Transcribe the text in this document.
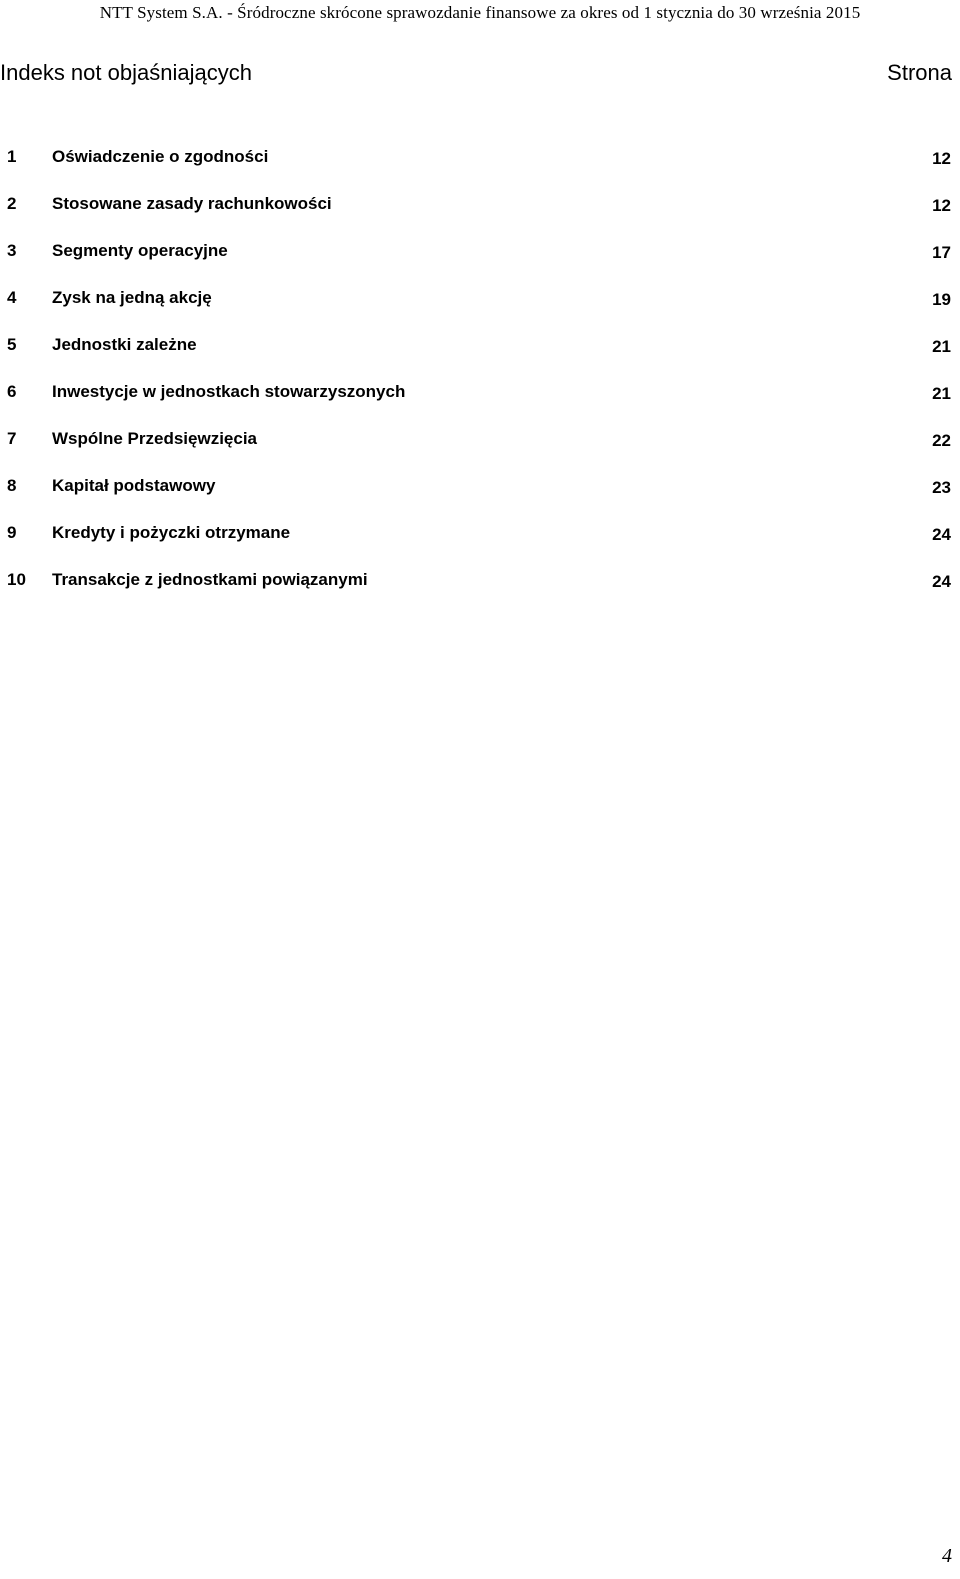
NTT System S.A. - Śródroczne skrócone sprawozdanie finansowe za okres od 1 stycznia do 30 września 2015
Indeks not objaśniających	Strona
1 Oświadczenie o zgodności	12
2 Stosowane zasady rachunkowości	12
3 Segmenty operacyjne	17
4 Zysk na jedną akcję	19
5 Jednostki zależne	21
6 Inwestycje w jednostkach stowarzyszonych	21
7 Wspólne Przedsięwzięcia	22
8 Kapitał podstawowy	23
9 Kredyty i pożyczki otrzymane	24
10 Transakcje z jednostkami powiązanymi	24
4
